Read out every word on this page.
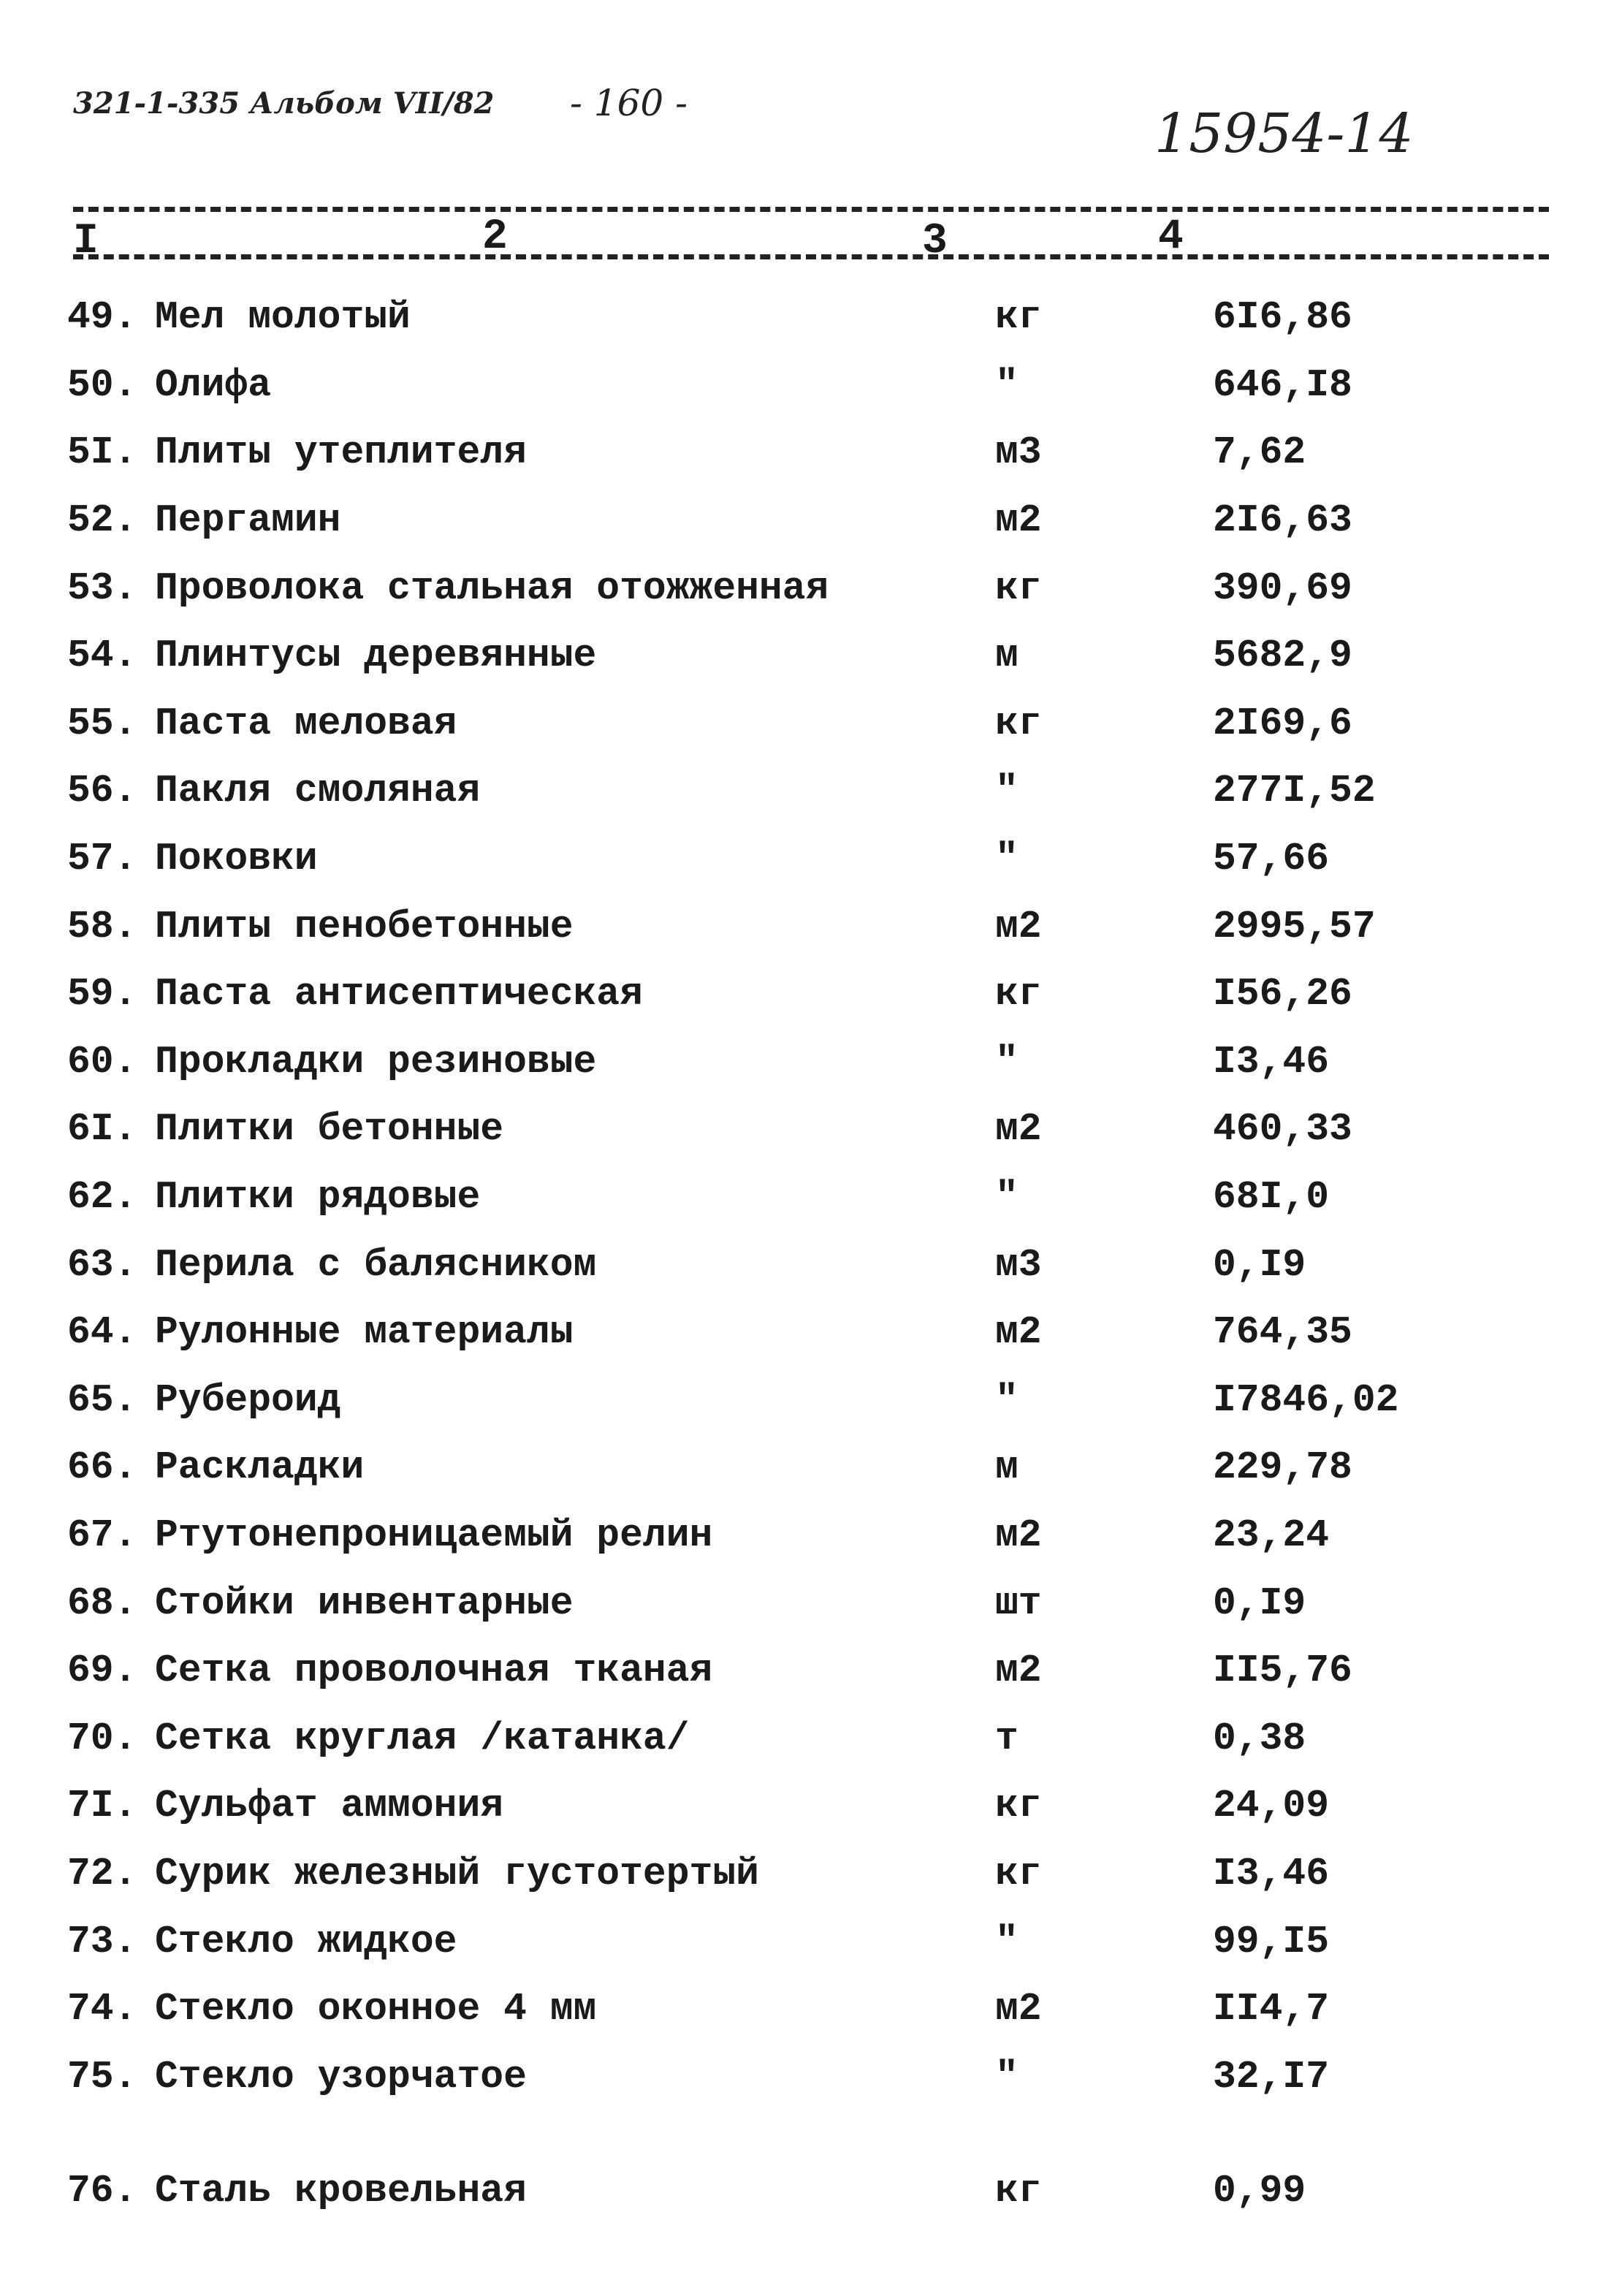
321-1-335 Альбом VII/82 - 160 -	15954-14
I	2	3	4
49.	Мел молотый	кг	6I6,86
50.	Олифа	"	646,I8
5I.	Плиты утеплителя	м3	7,62
52.	Пергамин	м2	2I6,63
53.	Проволока стальная отожженная	кг	390,69
54.	Плинтусы деревянные	м	5682,9
55.	Паста меловая	кг	2I69,6
56.	Пакля смоляная	"	277I,52
57.	Поковки	"	57,66
58.	Плиты пенобетонные	м2	2995,57
59.	Паста антисептическая	кг	I56,26
60.	Прокладки резиновые	"	I3,46
6I.	Плитки бетонные	м2	460,33
62.	Плитки рядовые	"	68I,0
63.	Перила с балясником	м3	0,I9
64.	Рулонные материалы	м2	764,35
65.	Рубероид	"	I7846,02
66.	Раскладки	м	229,78
67.	Ртутонепроницаемый релин	м2	23,24
68.	Стойки инвентарные	шт	0,I9
69.	Сетка проволочная тканая	м2	II5,76
70.	Сетка круглая /катанка/	т	0,38
7I.	Сульфат аммония	кг	24,09
72.	Сурик железный густотертый	кг	I3,46
73.	Стекло жидкое	"	99,I5
74.	Стекло оконное 4 мм	м2	II4,7
75.	Стекло узорчатое	"	32,I7
76.	Сталь кровельная	кг	0,99
